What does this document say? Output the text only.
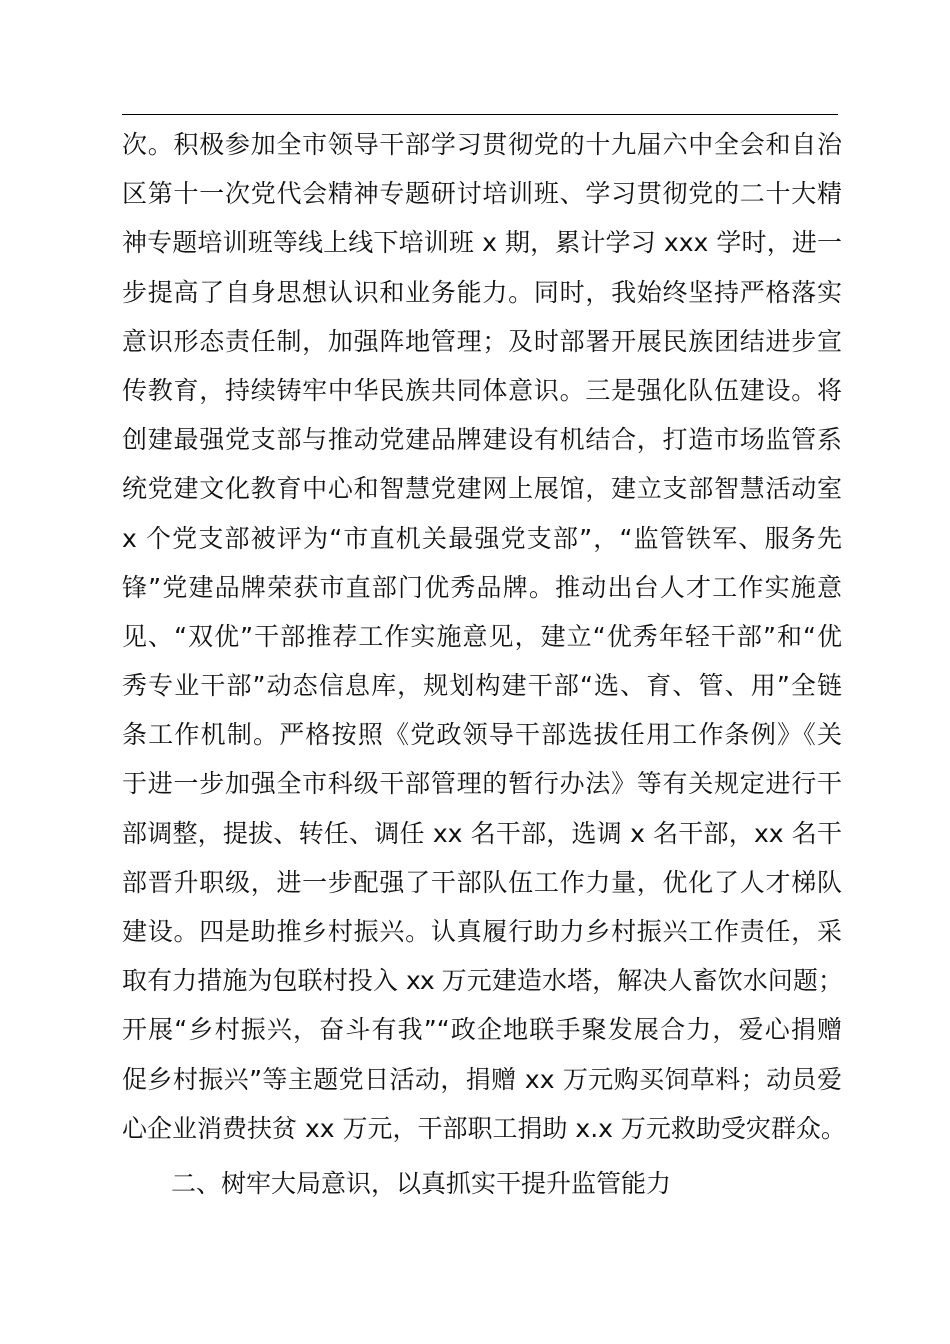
次。积极参加全市领导干部学习贯彻党的十九届六中全会和自治
区第十一次党代会精神专题研讨培训班、学习贯彻党的二十大精
神专题培训班等线上线下培训班 x 期，累计学习 xxx 学时，进一
步提高了自身思想认识和业务能力。同时，我始终坚持严格落实
意识形态责任制，加强阵地管理；及时部署开展民族团结进步宣
传教育，持续铸牢中华民族共同体意识。三是强化队伍建设。将
创建最强党支部与推动党建品牌建设有机结合，打造市场监管系
统党建文化教育中心和智慧党建网上展馆，建立支部智慧活动室
x 个党支部被评为“市直机关最强党支部”，“监管铁军、服务先
锋”党建品牌荣获市直部门优秀品牌。推动出台人才工作实施意
见、“双优”干部推荐工作实施意见，建立“优秀年轻干部”和“优
秀专业干部”动态信息库，规划构建干部“选、育、管、用”全链
条工作机制。严格按照《党政领导干部选拔任用工作条例》《关
于进一步加强全市科级干部管理的暂行办法》等有关规定进行干
部调整，提拔、转任、调任 xx 名干部，选调 x 名干部，xx 名干
部晋升职级，进一步配强了干部队伍工作力量，优化了人才梯队
建设。四是助推乡村振兴。认真履行助力乡村振兴工作责任，采
取有力措施为包联村投入 xx 万元建造水塔，解决人畜饮水问题；
开展“乡村振兴，奋斗有我”“政企地联手聚发展合力，爱心捐赠
促乡村振兴”等主题党日活动，捐赠 xx 万元购买饲草料；动员爱
心企业消费扶贫 xx 万元，干部职工捐助 x.x 万元救助受灾群众。
二、树牢大局意识，以真抓实干提升监管能力
